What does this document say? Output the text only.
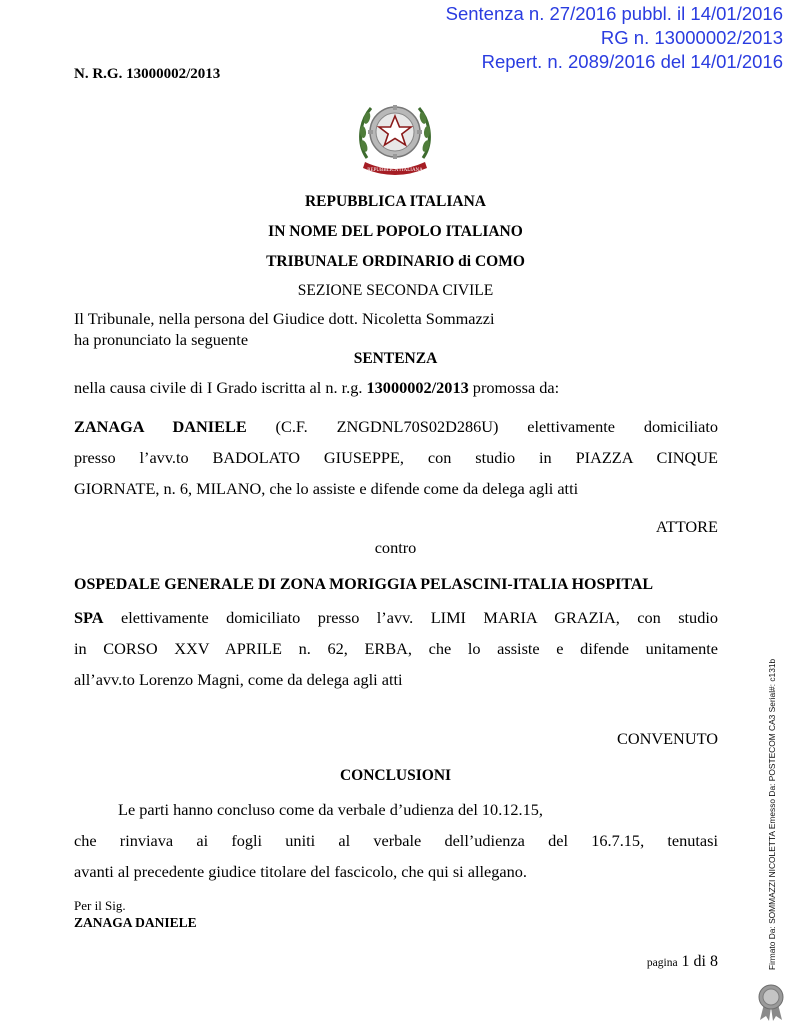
Sentenza n. 27/2016 pubbl. il 14/01/2016
RG n. 13000002/2013
Repert. n. 2089/2016 del 14/01/2016
N. R.G. 13000002/2013
REPUBBLICA ITALIANA
REPUBBLICA ITALIANA
IN NOME DEL POPOLO ITALIANO
TRIBUNALE ORDINARIO di COMO
SEZIONE SECONDA CIVILE
Il Tribunale, nella persona del Giudice dott. Nicoletta Sommazzi
ha pronunciato la seguente
SENTENZA
nella causa civile di I Grado iscritta al n. r.g. 13000002/2013 promossa da:
ZANAGA DANIELE (C.F. ZNGDNL70S02D286U) elettivamente domiciliato
presso l’avv.to BADOLATO GIUSEPPE, con studio in PIAZZA CINQUE
GIORNATE, n. 6, MILANO, che lo assiste e difende come da delega agli atti
ATTORE
contro
OSPEDALE GENERALE DI ZONA MORIGGIA PELASCINI-ITALIA HOSPITAL
SPA elettivamente domiciliato presso l’avv. LIMI MARIA GRAZIA, con studio
in CORSO XXV APRILE n. 62, ERBA, che lo assiste e difende unitamente
all’avv.to Lorenzo Magni, come da delega agli atti
CONVENUTO
CONCLUSIONI
Le parti hanno concluso come da verbale d’udienza del 10.12.15,
che rinviava ai fogli uniti al verbale dell’udienza del 16.7.15, tenutasi
avanti al precedente giudice titolare del fascicolo, che qui si allegano.
Per il Sig.
ZANAGA DANIELE
pagina 1 di 8	Firmato Da: SOMMAZZI NICOLETTA Emesso Da: POSTECOM CA3 Serial#: c131b
